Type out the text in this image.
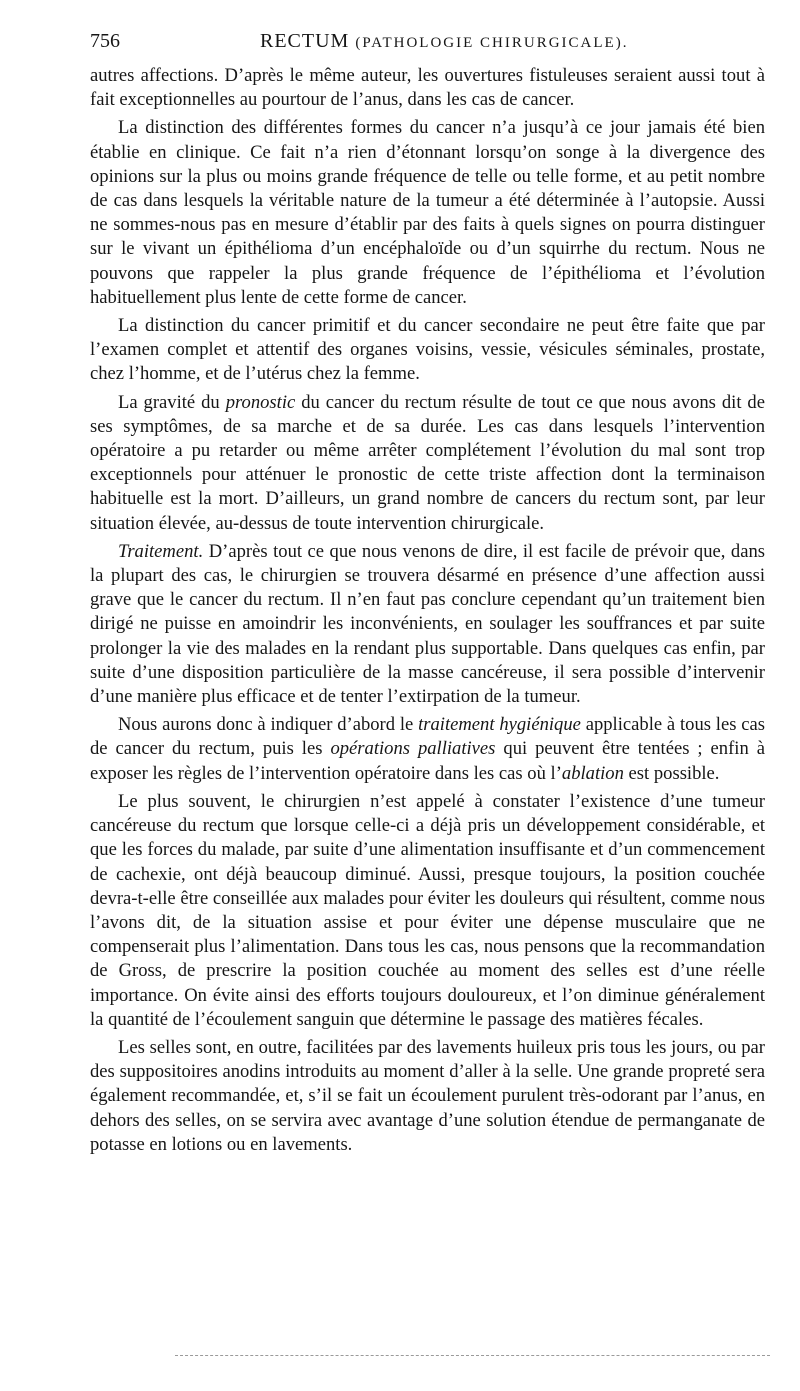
756	RECTUM (PATHOLOGIE CHIRURGICALE).

autres affections. D’après le même auteur, les ouvertures fistuleuses seraient aussi tout à fait exceptionnelles au pourtour de l’anus, dans les cas de cancer.

La distinction des différentes formes du cancer n’a jusqu’à ce jour jamais été bien établie en clinique. Ce fait n’a rien d’étonnant lorsqu’on songe à la divergence des opinions sur la plus ou moins grande fréquence de telle ou telle forme, et au petit nombre de cas dans lesquels la véritable nature de la tumeur a été déterminée à l’autopsie. Aussi ne sommes-nous pas en mesure d’établir par des faits à quels signes on pourra distinguer sur le vivant un épithélioma d’un encéphaloïde ou d’un squirrhe du rectum. Nous ne pouvons que rappeler la plus grande fréquence de l’épithélioma et l’évolution habituellement plus lente de cette forme de cancer.

La distinction du cancer primitif et du cancer secondaire ne peut être faite que par l’examen complet et attentif des organes voisins, vessie, vésicules séminales, prostate, chez l’homme, et de l’utérus chez la femme.

La gravité du pronostic du cancer du rectum résulte de tout ce que nous avons dit de ses symptômes, de sa marche et de sa durée. Les cas dans lesquels l’intervention opératoire a pu retarder ou même arrêter complétement l’évolution du mal sont trop exceptionnels pour atténuer le pronostic de cette triste affection dont la terminaison habituelle est la mort. D’ailleurs, un grand nombre de cancers du rectum sont, par leur situation élevée, au-dessus de toute intervention chirurgicale.

Traitement. D’après tout ce que nous venons de dire, il est facile de prévoir que, dans la plupart des cas, le chirurgien se trouvera désarmé en présence d’une affection aussi grave que le cancer du rectum. Il n’en faut pas conclure cependant qu’un traitement bien dirigé ne puisse en amoindrir les inconvénients, en soulager les souffrances et par suite prolonger la vie des malades en la rendant plus supportable. Dans quelques cas enfin, par suite d’une disposition particulière de la masse cancéreuse, il sera possible d’intervenir d’une manière plus efficace et de tenter l’extirpation de la tumeur.

Nous aurons donc à indiquer d’abord le traitement hygiénique applicable à tous les cas de cancer du rectum, puis les opérations palliatives qui peuvent être tentées ; enfin à exposer les règles de l’intervention opératoire dans les cas où l’ablation est possible.

Le plus souvent, le chirurgien n’est appelé à constater l’existence d’une tumeur cancéreuse du rectum que lorsque celle-ci a déjà pris un développement considérable, et que les forces du malade, par suite d’une alimentation insuffisante et d’un commencement de cachexie, ont déjà beaucoup diminué. Aussi, presque toujours, la position couchée devra-t-elle être conseillée aux malades pour éviter les douleurs qui résultent, comme nous l’avons dit, de la situation assise et pour éviter une dépense musculaire que ne compenserait plus l’alimentation. Dans tous les cas, nous pensons que la recommandation de Gross, de prescrire la position couchée au moment des selles est d’une réelle importance. On évite ainsi des efforts toujours douloureux, et l’on diminue généralement la quantité de l’écoulement sanguin que détermine le passage des matières fécales.

Les selles sont, en outre, facilitées par des lavements huileux pris tous les jours, ou par des suppositoires anodins introduits au moment d’aller à la selle. Une grande propreté sera également recommandée, et, s’il se fait un écoulement purulent très-odorant par l’anus, en dehors des selles, on se servira avec avantage d’une solution étendue de permanganate de potasse en lotions ou en lavements.
